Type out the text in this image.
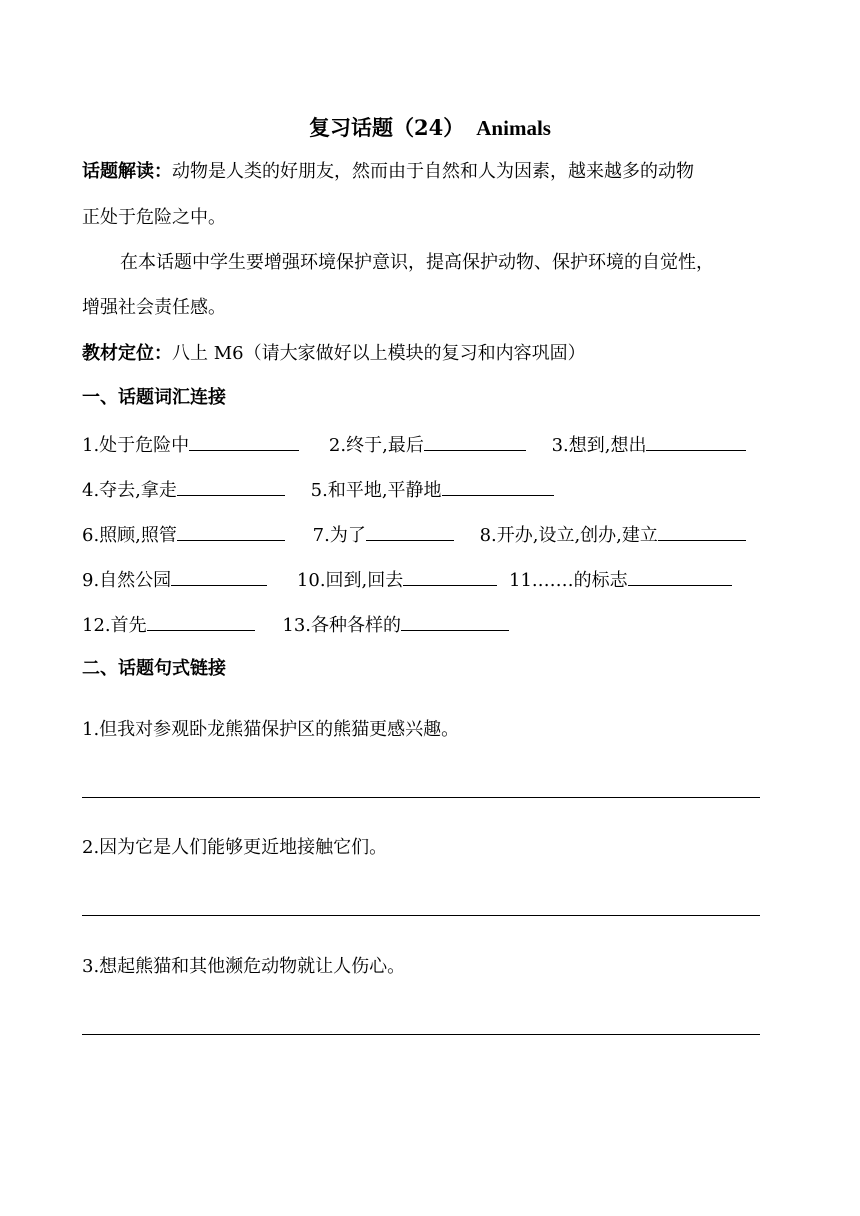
复习话题（24） Animals
话题解读：动物是人类的好朋友，然而由于自然和人为因素，越来越多的动物
正处于危险之中。
在本话题中学生要增强环境保护意识，提高保护动物、保护环境的自觉性，
增强社会责任感。
教材定位：八上 M6（请大家做好以上模块的复习和内容巩固）
一、话题词汇连接
1.处于危险中	2.终于,最后	3.想到,想出
4.夺去,拿走	5.和平地,平静地
6.照顾,照管	7.为了	8.开办,设立,创办,建立
9.自然公园	10.回到,回去	11.……的标志
12.首先	13.各种各样的
二、话题句式链接
1.但我对参观卧龙熊猫保护区的熊猫更感兴趣。
2.因为它是人们能够更近地接触它们。
3.想起熊猫和其他濒危动物就让人伤心。
